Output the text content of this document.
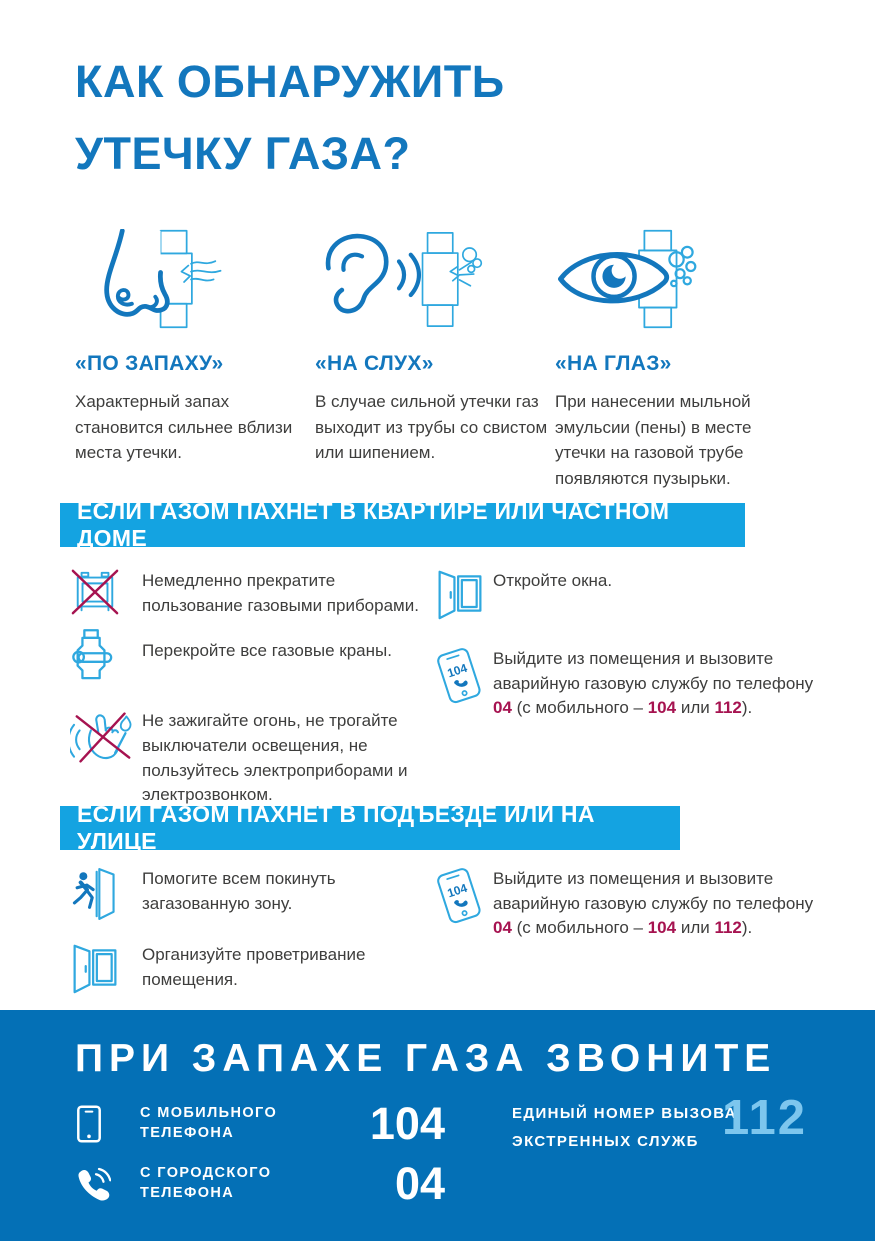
КАК ОБНАРУЖИТЬ
УТЕЧКУ ГАЗА?
«ПО ЗАПАХУ»

Характерный запах становится сильнее вблизи места утечки.

«НА СЛУХ»

В случае сильной утечки газ выходит из трубы со свистом или шипением.

«НА ГЛАЗ»

При нанесении мыльной эмульсии (пены) в месте утечки на газовой трубе появляются пузырьки.

ЕСЛИ ГАЗОМ ПАХНЕТ В КВАРТИРЕ ИЛИ ЧАСТНОМ ДОМЕ
Немедленно прекратите пользование газовыми приборами.
Перекройте все газовые краны.
Не зажигайте огонь, не трогайте выключатели освещения, не пользуйтесь электроприборами и электрозвонком.
Откройте окна.
104
Выйдите из помещения и вызовите аварийную газовую службу по телефону 04 (с мобильного – 104 или 112).
ЕСЛИ ГАЗОМ ПАХНЕТ В ПОДЪЕЗДЕ ИЛИ НА УЛИЦЕ
Помогите всем покинуть загазованную зону.
Организуйте проветривание помещения.
104
Выйдите из помещения и вызовите аварийную газовую службу по телефону 04 (с мобильного – 104 или 112).
ПРИ ЗАПАХЕ ГАЗА ЗВОНИТЕ
С МОБИЛЬНОГО ТЕЛЕФОНА	104
С ГОРОДСКОГО ТЕЛЕФОНА	04
ЕДИНЫЙ НОМЕР ВЫЗОВА
ЭКСТРЕННЫХ СЛУЖБ 112
